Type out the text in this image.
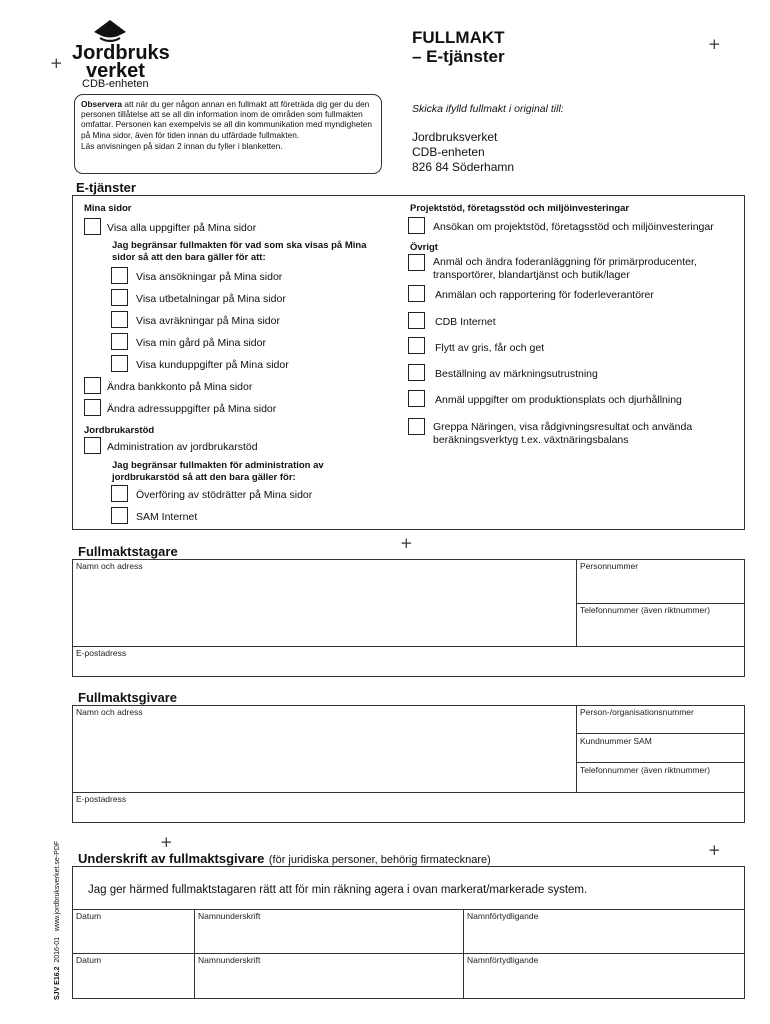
+
+
+
+	+
Jordbruks
verket
CDB-enheten
FULLMAKT
– E-tjänster
Observera att när du ger någon annan en fullmakt att företräda dig ger du den personen tillåtelse att se all din information inom de områden som fullmakten omfattar. Personen kan exempelvis se all din kommunikation med myndigheten på Mina sidor, även för tiden innan du utfärdade fullmakten.
Läs anvisningen på sidan 2 innan du fyller i blanketten.
Skicka ifylld fullmakt i original till:
Jordbruksverket
CDB-enheten
826 84 Söderhamn
E-tjänster
Mina sidor
Visa alla uppgifter på Mina sidor
Jag begränsar fullmakten för vad som ska visas på Mina sidor så att den bara gäller för att:
Visa ansökningar på Mina sidor
Visa utbetalningar på Mina sidor
Visa avräkningar på Mina sidor
Visa min gård på Mina sidor
Visa kunduppgifter på Mina sidor
Ändra bankkonto på Mina sidor
Ändra adressuppgifter på Mina sidor
Jordbrukarstöd
Administration av jordbrukarstöd
Jag begränsar fullmakten för administration av jordbrukarstöd så att den bara gäller för:
Överföring av stödrätter på Mina sidor
SAM Internet
Projektstöd, företagsstöd och miljöinvesteringar
Ansökan om projektstöd, företagsstöd och miljöinvesteringar
Övrigt
Anmäl och ändra foderanläggning för primärproducenter, transportörer, blandartjänst och butik/lager
Anmälan och rapportering för foderleverantörer
CDB Internet
Flytt av gris, får och get
Beställning av märkningsutrustning
Anmäl uppgifter om produktionsplats och djurhållning
Greppa Näringen, visa rådgivningsresultat och använda beräkningsverktyg t.ex. växtnäringsbalans
Fullmaktstagare
Namn och adress	Personnummer
Telefonnummer (även riktnummer)
E-postadress
Fullmaktsgivare
Namn och adress	Person-/organisationsnummer
Kundnummer SAM
Telefonnummer (även riktnummer)
E-postadress
Underskrift av fullmaktsgivare (för juridiska personer, behörig firmatecknare)
Jag ger härmed fullmaktstagaren rätt att för min räkning agera i ovan markerat/markerade system.
Datum	Namnunderskrift	Namnförtydligande
Datum	Namnunderskrift	Namnförtydligande
SJV E16.2  2016-01   www.jordbruksverket.se-PDF
